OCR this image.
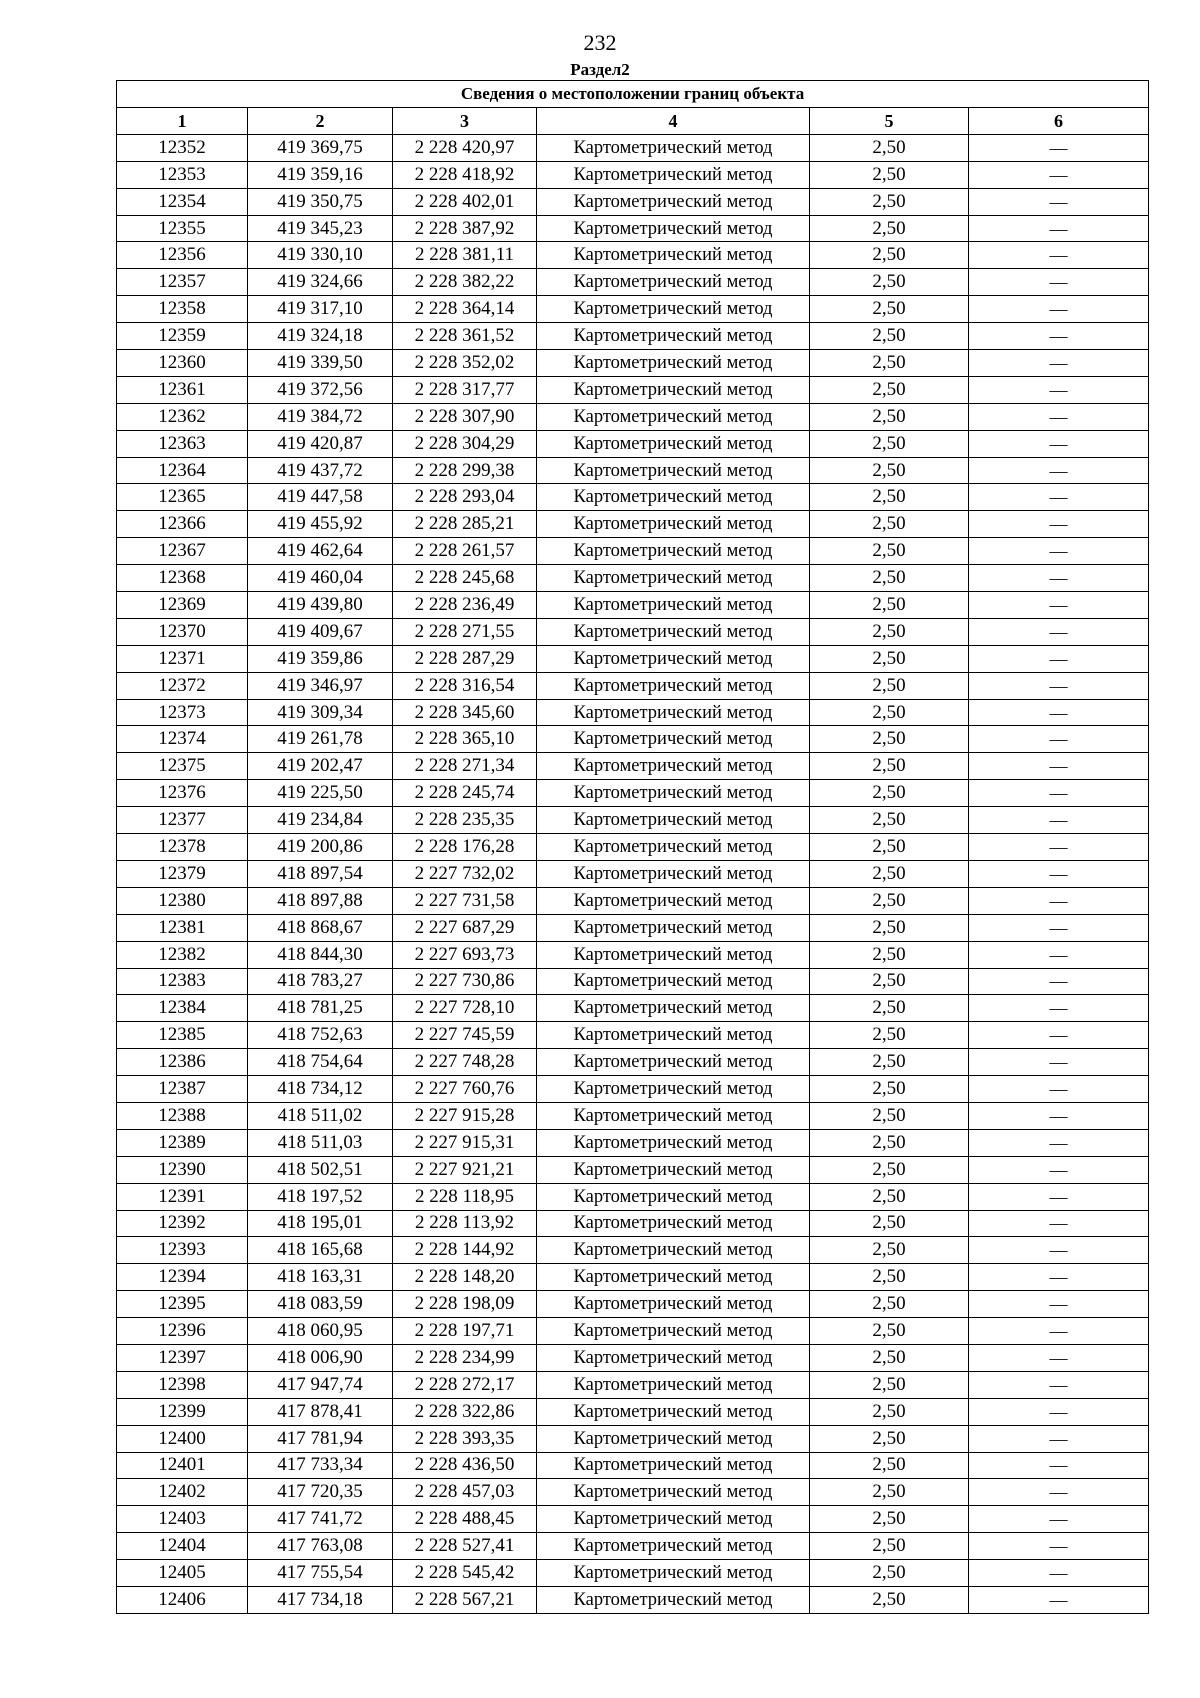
232
Раздел2
Сведения о местоположении границ объекта					
1	2	3	4	5	6
12352	419 369,75	2 228 420,97	Картометрический метод	2,50	—
12353	419 359,16	2 228 418,92	Картометрический метод	2,50	—
12354	419 350,75	2 228 402,01	Картометрический метод	2,50	—
12355	419 345,23	2 228 387,92	Картометрический метод	2,50	—
12356	419 330,10	2 228 381,11	Картометрический метод	2,50	—
12357	419 324,66	2 228 382,22	Картометрический метод	2,50	—
12358	419 317,10	2 228 364,14	Картометрический метод	2,50	—
12359	419 324,18	2 228 361,52	Картометрический метод	2,50	—
12360	419 339,50	2 228 352,02	Картометрический метод	2,50	—
12361	419 372,56	2 228 317,77	Картометрический метод	2,50	—
12362	419 384,72	2 228 307,90	Картометрический метод	2,50	—
12363	419 420,87	2 228 304,29	Картометрический метод	2,50	—
12364	419 437,72	2 228 299,38	Картометрический метод	2,50	—
12365	419 447,58	2 228 293,04	Картометрический метод	2,50	—
12366	419 455,92	2 228 285,21	Картометрический метод	2,50	—
12367	419 462,64	2 228 261,57	Картометрический метод	2,50	—
12368	419 460,04	2 228 245,68	Картометрический метод	2,50	—
12369	419 439,80	2 228 236,49	Картометрический метод	2,50	—
12370	419 409,67	2 228 271,55	Картометрический метод	2,50	—
12371	419 359,86	2 228 287,29	Картометрический метод	2,50	—
12372	419 346,97	2 228 316,54	Картометрический метод	2,50	—
12373	419 309,34	2 228 345,60	Картометрический метод	2,50	—
12374	419 261,78	2 228 365,10	Картометрический метод	2,50	—
12375	419 202,47	2 228 271,34	Картометрический метод	2,50	—
12376	419 225,50	2 228 245,74	Картометрический метод	2,50	—
12377	419 234,84	2 228 235,35	Картометрический метод	2,50	—
12378	419 200,86	2 228 176,28	Картометрический метод	2,50	—
12379	418 897,54	2 227 732,02	Картометрический метод	2,50	—
12380	418 897,88	2 227 731,58	Картометрический метод	2,50	—
12381	418 868,67	2 227 687,29	Картометрический метод	2,50	—
12382	418 844,30	2 227 693,73	Картометрический метод	2,50	—
12383	418 783,27	2 227 730,86	Картометрический метод	2,50	—
12384	418 781,25	2 227 728,10	Картометрический метод	2,50	—
12385	418 752,63	2 227 745,59	Картометрический метод	2,50	—
12386	418 754,64	2 227 748,28	Картометрический метод	2,50	—
12387	418 734,12	2 227 760,76	Картометрический метод	2,50	—
12388	418 511,02	2 227 915,28	Картометрический метод	2,50	—
12389	418 511,03	2 227 915,31	Картометрический метод	2,50	—
12390	418 502,51	2 227 921,21	Картометрический метод	2,50	—
12391	418 197,52	2 228 118,95	Картометрический метод	2,50	—
12392	418 195,01	2 228 113,92	Картометрический метод	2,50	—
12393	418 165,68	2 228 144,92	Картометрический метод	2,50	—
12394	418 163,31	2 228 148,20	Картометрический метод	2,50	—
12395	418 083,59	2 228 198,09	Картометрический метод	2,50	—
12396	418 060,95	2 228 197,71	Картометрический метод	2,50	—
12397	418 006,90	2 228 234,99	Картометрический метод	2,50	—
12398	417 947,74	2 228 272,17	Картометрический метод	2,50	—
12399	417 878,41	2 228 322,86	Картометрический метод	2,50	—
12400	417 781,94	2 228 393,35	Картометрический метод	2,50	—
12401	417 733,34	2 228 436,50	Картометрический метод	2,50	—
12402	417 720,35	2 228 457,03	Картометрический метод	2,50	—
12403	417 741,72	2 228 488,45	Картометрический метод	2,50	—
12404	417 763,08	2 228 527,41	Картометрический метод	2,50	—
12405	417 755,54	2 228 545,42	Картометрический метод	2,50	—
12406	417 734,18	2 228 567,21	Картометрический метод	2,50	—
